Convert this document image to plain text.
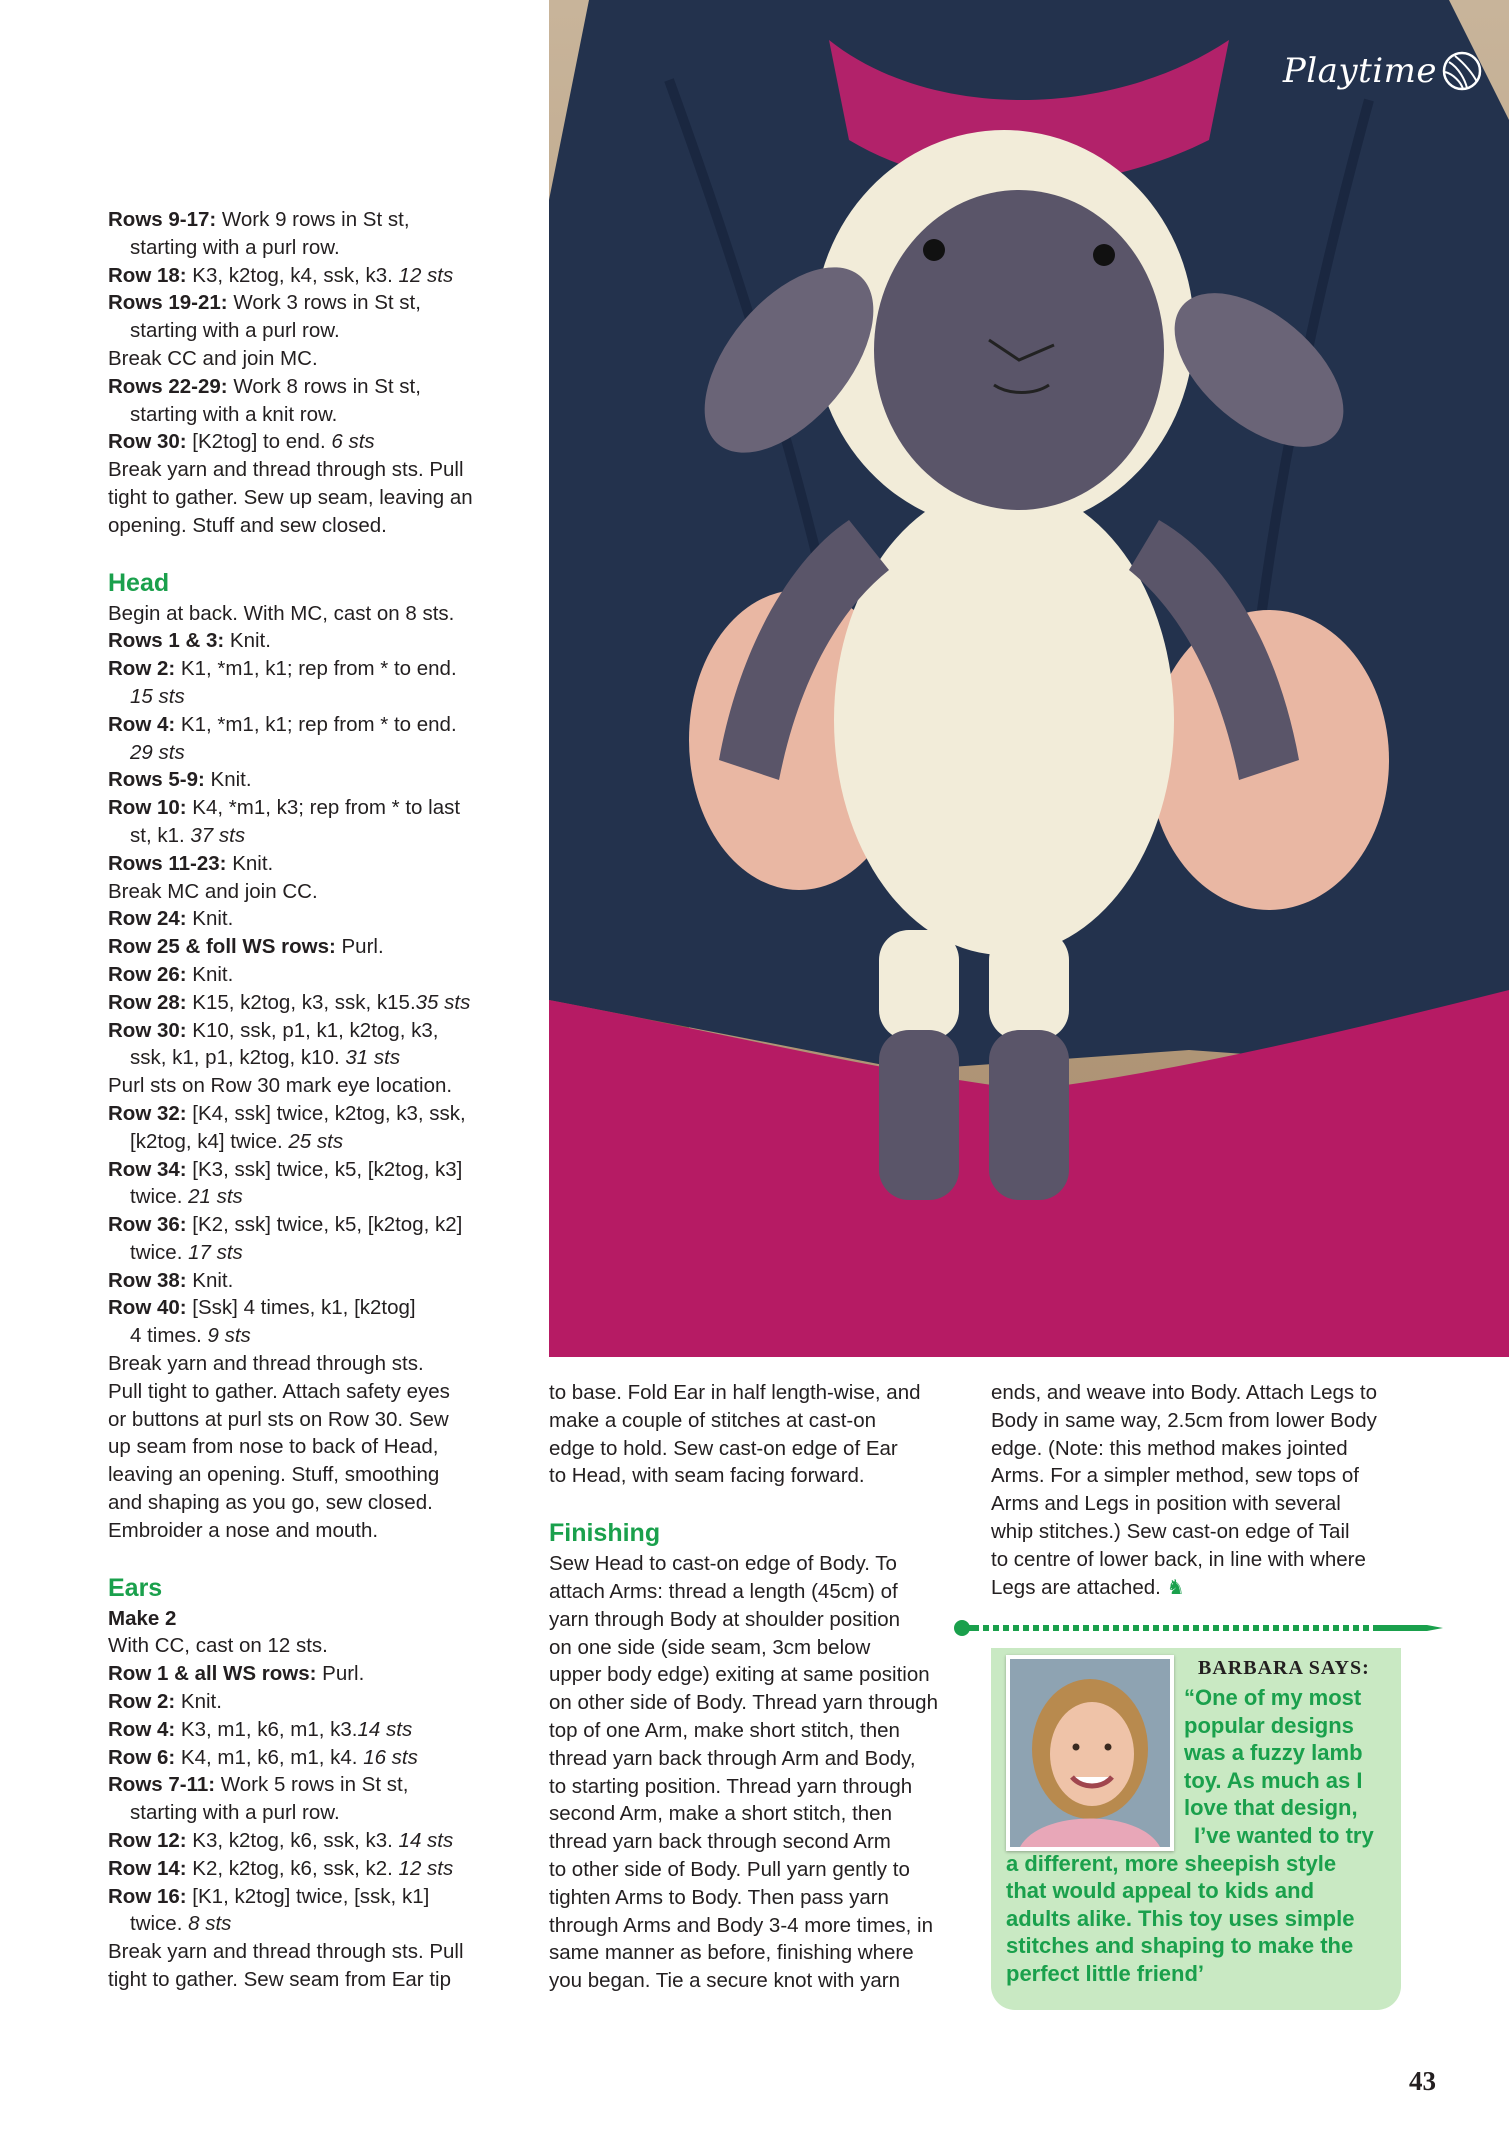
Rows 9-17: Work 9 rows in St st,
starting with a purl row.
Row 18: K3, k2tog, k4, ssk, k3. 12 sts
Rows 19-21: Work 3 rows in St st,
starting with a purl row.
Break CC and join MC.
Rows 22-29: Work 8 rows in St st,
starting with a knit row.
Row 30: [K2tog] to end. 6 sts
Break yarn and thread through sts. Pull
tight to gather. Sew up seam, leaving an
opening. Stuff and sew closed.
Head
Begin at back. With MC, cast on 8 sts.
Rows 1 & 3: Knit.
Row 2: K1, *m1, k1; rep from * to end.
15 sts
Row 4: K1, *m1, k1; rep from * to end.
29 sts
Rows 5-9: Knit.
Row 10: K4, *m1, k3; rep from * to last
st, k1. 37 sts
Rows 11-23: Knit.
Break MC and join CC.
Row 24: Knit.
Row 25 & foll WS rows: Purl.
Row 26: Knit.
Row 28: K15, k2tog, k3, ssk, k15.35 sts
Row 30: K10, ssk, p1, k1, k2tog, k3,
ssk, k1, p1, k2tog, k10. 31 sts
Purl sts on Row 30 mark eye location.
Row 32: [K4, ssk] twice, k2tog, k3, ssk,
[k2tog, k4] twice. 25 sts
Row 34: [K3, ssk] twice, k5, [k2tog, k3]
twice. 21 sts
Row 36: [K2, ssk] twice, k5, [k2tog, k2]
twice. 17 sts
Row 38: Knit.
Row 40: [Ssk] 4 times, k1, [k2tog]
4 times. 9 sts
Break yarn and thread through sts.
Pull tight to gather. Attach safety eyes
or buttons at purl sts on Row 30. Sew
up seam from nose to back of Head,
leaving an opening. Stuff, smoothing
and shaping as you go, sew closed.
Embroider a nose and mouth.
Ears
Make 2
With CC, cast on 12 sts.
Row 1 & all WS rows: Purl.
Row 2: Knit.
Row 4: K3, m1, k6, m1, k3.14 sts
Row 6: K4, m1, k6, m1, k4. 16 sts
Rows 7-11: Work 5 rows in St st,
starting with a purl row.
Row 12: K3, k2tog, k6, ssk, k3. 14 sts
Row 14: K2, k2tog, k6, ssk, k2. 12 sts
Row 16: [K1, k2tog] twice, [ssk, k1]
twice. 8 sts
Break yarn and thread through sts. Pull
tight to gather. Sew seam from Ear tip
Playtime
to base. Fold Ear in half length-wise, and
make a couple of stitches at cast-on
edge to hold. Sew cast-on edge of Ear
to Head, with seam facing forward.
Finishing
Sew Head to cast-on edge of Body. To
attach Arms: thread a length (45cm) of
yarn through Body at shoulder position
on one side (side seam, 3cm below
upper body edge) exiting at same position
on other side of Body. Thread yarn through
top of one Arm, make short stitch, then
thread yarn back through Arm and Body,
to starting position. Thread yarn through
second Arm, make a short stitch, then
thread yarn back through second Arm
to other side of Body. Pull yarn gently to
tighten Arms to Body. Then pass yarn
through Arms and Body 3-4 more times, in
same manner as before, finishing where
you began. Tie a secure knot with yarn
ends, and weave into Body. Attach Legs to
Body in same way, 2.5cm from lower Body
edge. (Note: this method makes jointed
Arms. For a simpler method, sew tops of
Arms and Legs in position with several
whip stitches.) Sew cast-on edge of Tail
to centre of lower back, in line with where
Legs are attached. ♞
BARBARA SAYS:
“One of my most
popular designs
was a fuzzy lamb
toy. As much as I
love that design,
I’ve wanted to try
a different, more sheepish style
that would appeal to kids and
adults alike. This toy uses simple
stitches and shaping to make the
perfect little friend’
43
